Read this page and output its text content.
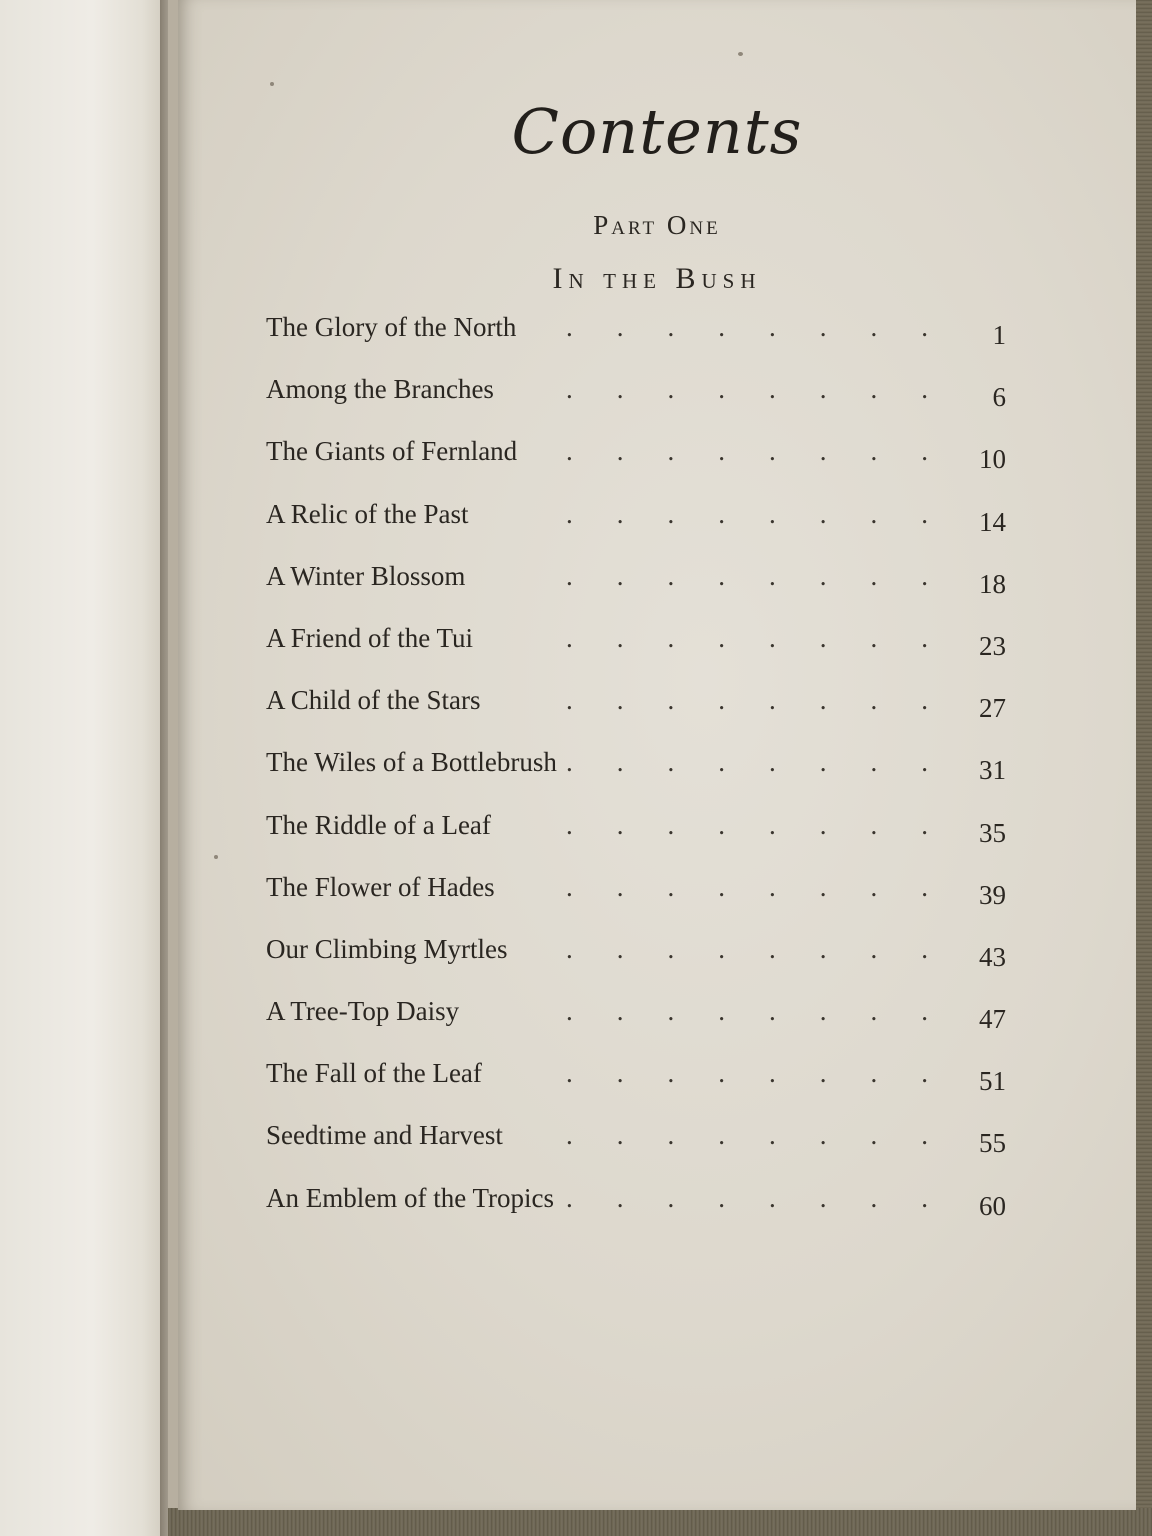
Contents
Part One
In the Bush
The Glory of the North ........ 1
Among the Branches	........ 6
The Giants of Fernland ........ 10
A Relic of the Past	........ 14
A Winter Blossom	........ 18
A Friend of the Tui	........ 23
A Child of the Stars	........ 27
The Wiles of a Bottlebrush ........ 31
The Riddle of a Leaf	........ 35
The Flower of Hades	........ 39
Our Climbing Myrtles ........ 43
A Tree-Top Daisy	........ 47
The Fall of the Leaf	........ 51
Seedtime and Harvest ........ 55
An Emblem of the Tropics ........ 60
